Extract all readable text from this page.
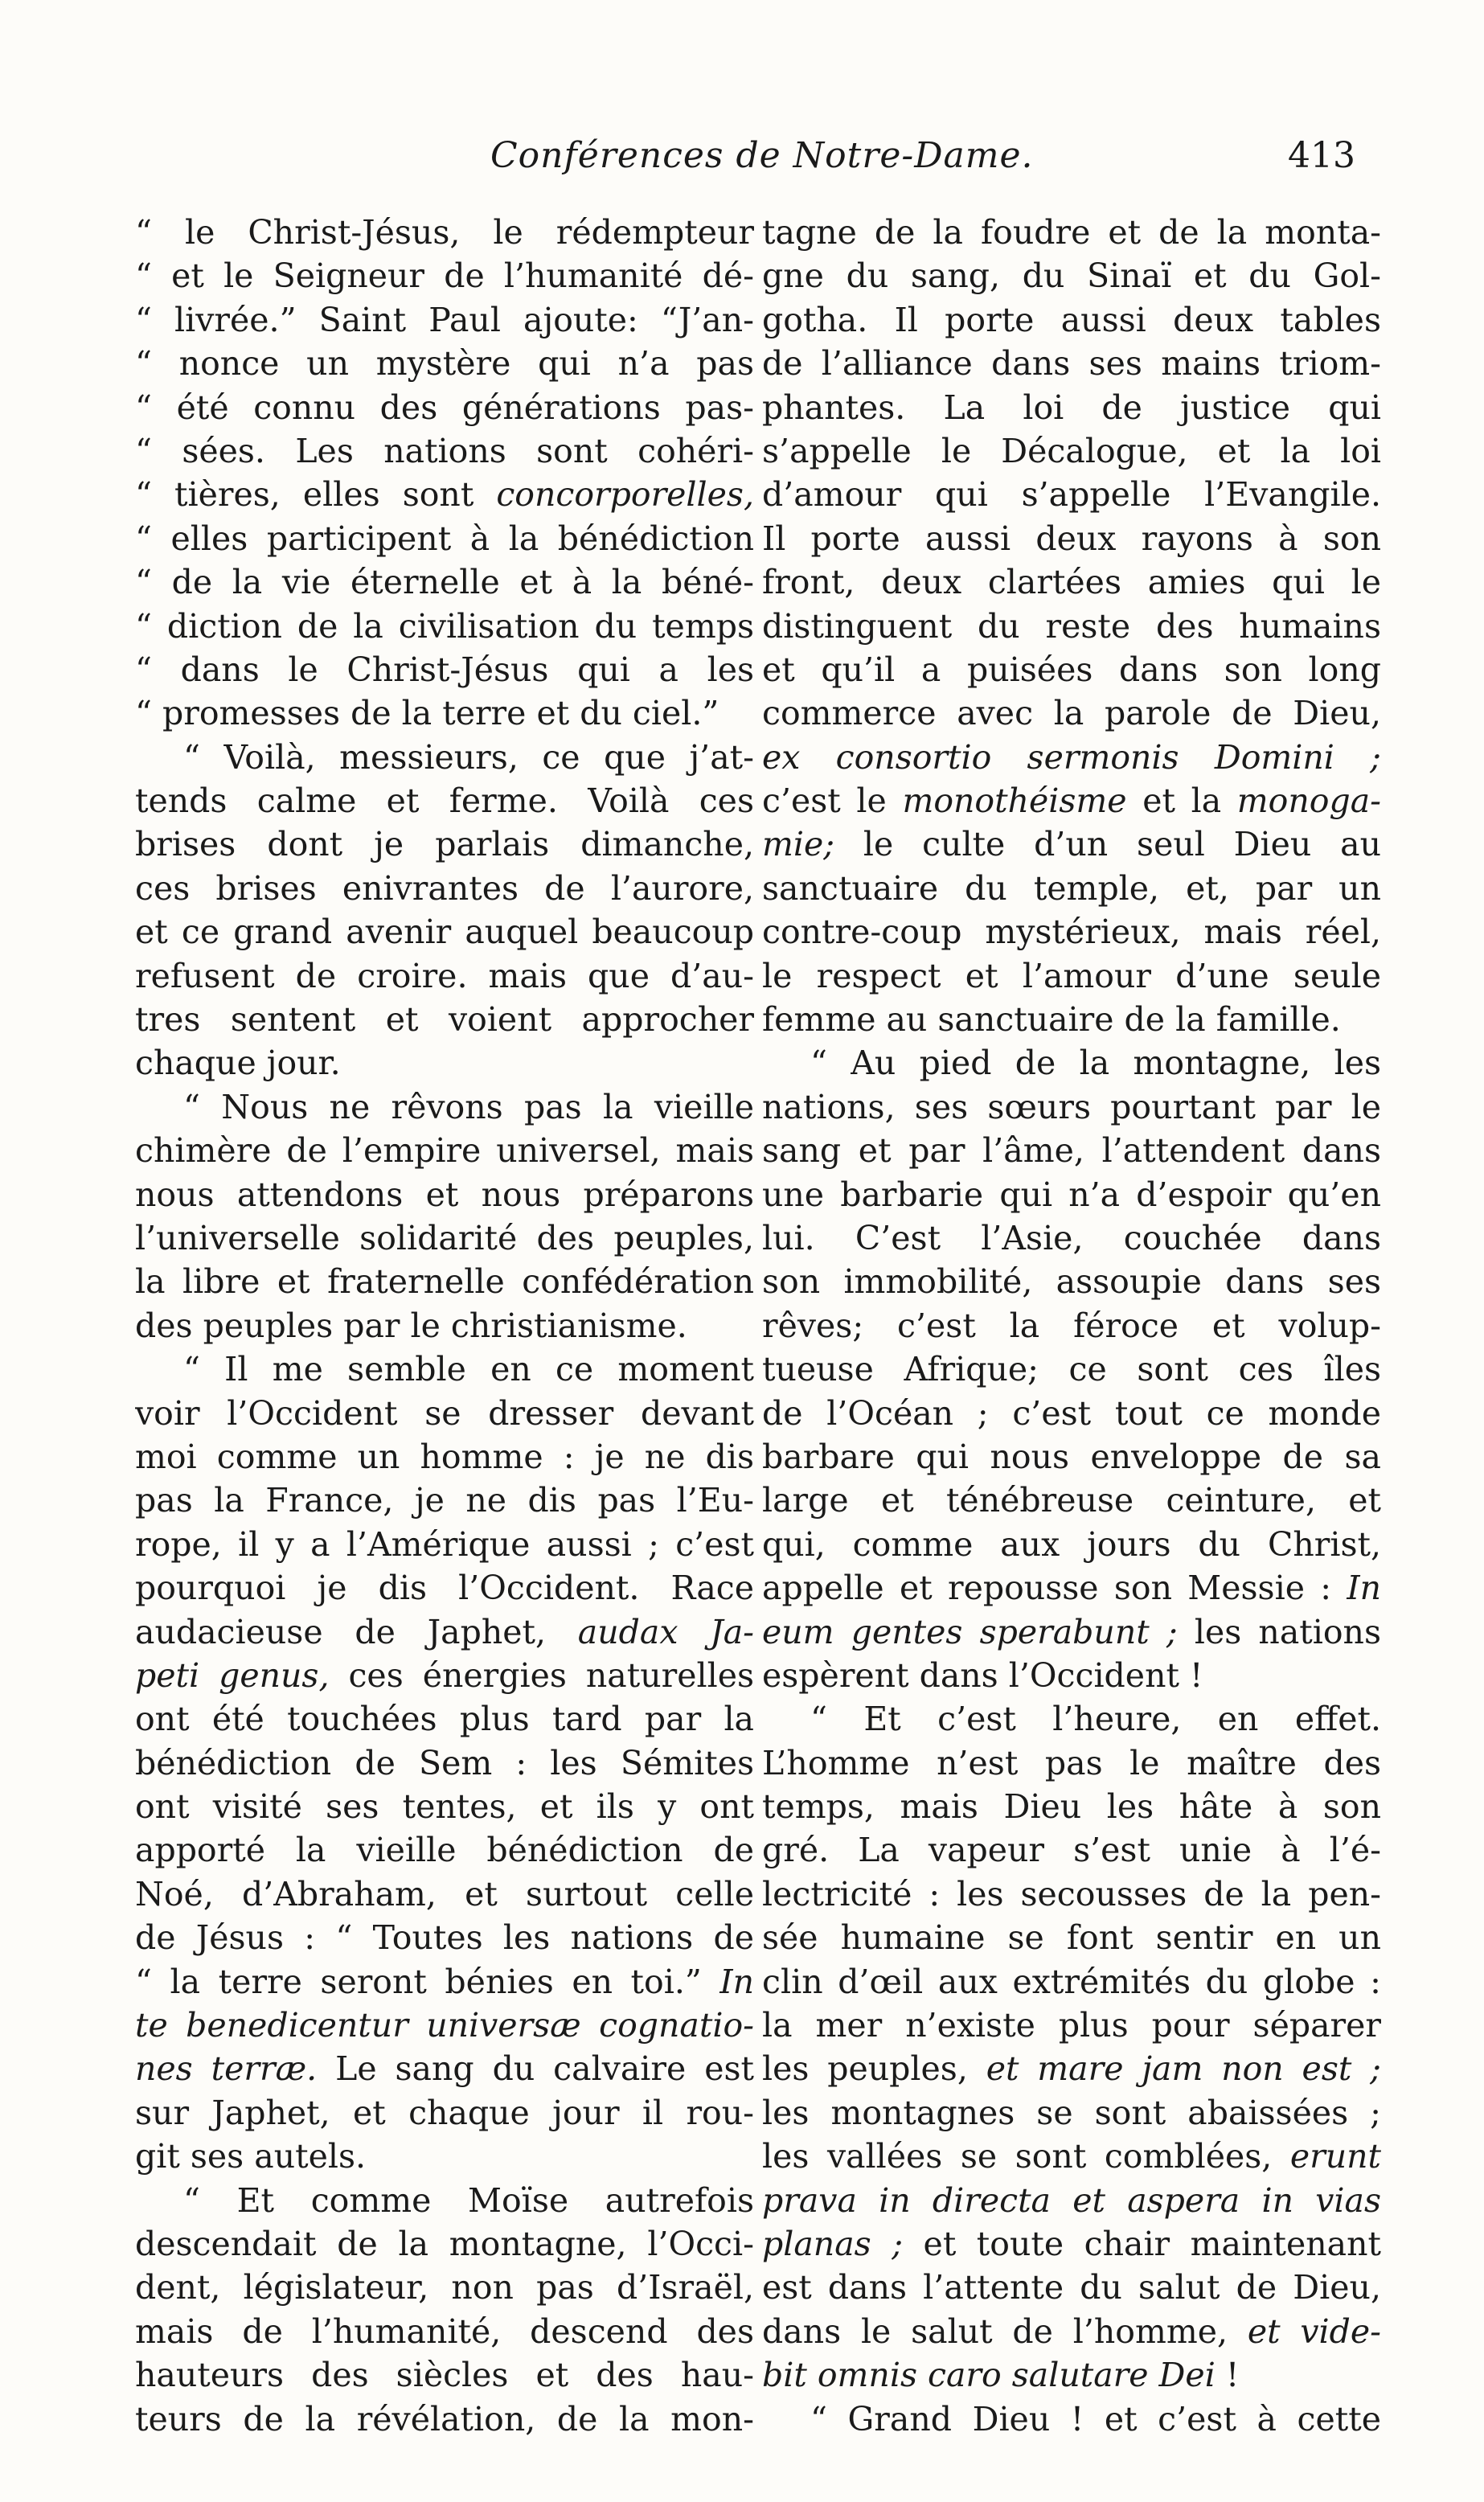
Conférences de Notre-Dame.	413
“ le Christ-Jésus, le rédempteur
“ et le Seigneur de l’humanité dé-
“ livrée.” Saint Paul ajoute: “J’an-
“ nonce un mystère qui n’a pas
“ été connu des générations pas-
“ sées. Les nations sont cohéri-
“ tières, elles sont concorporelles,
“ elles participent à la bénédiction
“ de la vie éternelle et à la béné-
“ diction de la civilisation du temps
“ dans le Christ-Jésus qui a les
“ promesses de la terre et du ciel.”
“ Voilà, messieurs, ce que j’at-
tends calme et ferme. Voilà ces
brises dont je parlais dimanche,
ces brises enivrantes de l’aurore,
et ce grand avenir auquel beaucoup
refusent de croire. mais que d’au-
tres sentent et voient approcher
chaque jour.
“ Nous ne rêvons pas la vieille
chimère de l’empire universel, mais
nous attendons et nous préparons
l’universelle solidarité des peuples,
la libre et fraternelle confédération
des peuples par le christianisme.
“ Il me semble en ce moment
voir l’Occident se dresser devant
moi comme un homme : je ne dis
pas la France, je ne dis pas l’Eu-
rope, il y a l’Amérique aussi ; c’est
pourquoi je dis l’Occident. Race
audacieuse de Japhet, audax Ja-
peti genus, ces énergies naturelles
ont été touchées plus tard par la
bénédiction de Sem : les Sémites
ont visité ses tentes, et ils y ont
apporté la vieille bénédiction de
Noé, d’Abraham, et surtout celle
de Jésus : “ Toutes les nations de
“ la terre seront bénies en toi.” In
te benedicentur universæ cognatio-
nes terræ. Le sang du calvaire est
sur Japhet, et chaque jour il rou-
git ses autels.
“ Et comme Moïse autrefois
descendait de la montagne, l’Occi-
dent, législateur, non pas d’Israël,
mais de l’humanité, descend des
hauteurs des siècles et des hau-
teurs de la révélation, de la mon-
tagne de la foudre et de la monta-
gne du sang, du Sinaï et du Gol-
gotha. Il porte aussi deux tables
de l’alliance dans ses mains triom-
phantes. La loi de justice qui
s’appelle le Décalogue, et la loi
d’amour qui s’appelle l’Evangile.
Il porte aussi deux rayons à son
front, deux clartées amies qui le
distinguent du reste des humains
et qu’il a puisées dans son long
commerce avec la parole de Dieu,
ex consortio sermonis Domini ;
c’est le monothéisme et la monoga-
mie; le culte d’un seul Dieu au
sanctuaire du temple, et, par un
contre-coup mystérieux, mais réel,
le respect et l’amour d’une seule
femme au sanctuaire de la famille.
“ Au pied de la montagne, les
nations, ses sœurs pourtant par le
sang et par l’âme, l’attendent dans
une barbarie qui n’a d’espoir qu’en
lui. C’est l’Asie, couchée dans
son immobilité, assoupie dans ses
rêves; c’est la féroce et volup-
tueuse Afrique; ce sont ces îles
de l’Océan ; c’est tout ce monde
barbare qui nous enveloppe de sa
large et ténébreuse ceinture, et
qui, comme aux jours du Christ,
appelle et repousse son Messie : In
eum gentes sperabunt ; les nations
espèrent dans l’Occident !
“ Et c’est l’heure, en effet.
L’homme n’est pas le maître des
temps, mais Dieu les hâte à son
gré. La vapeur s’est unie à l’é-
lectricité : les secousses de la pen-
sée humaine se font sentir en un
clin d’œil aux extrémités du globe :
la mer n’existe plus pour séparer
les peuples, et mare jam non est ;
les montagnes se sont abaissées ;
les vallées se sont comblées, erunt
prava in directa et aspera in vias
planas ; et toute chair maintenant
est dans l’attente du salut de Dieu,
dans le salut de l’homme, et vide-
bit omnis caro salutare Dei !
“ Grand Dieu ! et c’est à cette
